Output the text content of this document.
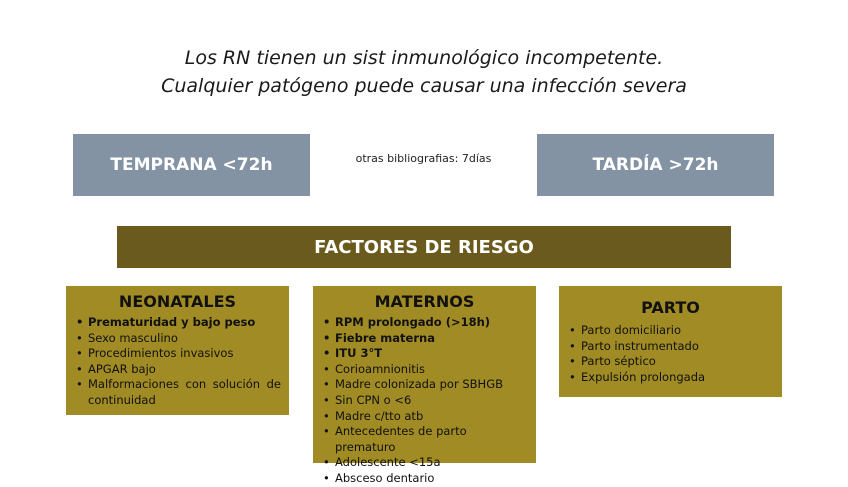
Los RN tienen un sist inmunológico incompetente.
Cualquier patógeno puede causar una infección severa
TEMPRANA <72h	otras bibliografias: 7días	TARDÍA >72h
FACTORES DE RIESGO
NEONATALES
• Prematuridad y bajo peso
• Sexo masculino
• Procedimientos invasivos
• APGAR bajo
• Malformaciones con solución de continuidad
MATERNOS
• RPM prolongado (>18h)
• Fiebre materna
• ITU 3°T
• Corioamnionitis
• Madre colonizada por SBHGB
• Sin CPN o <6
• Madre c/tto atb
• Antecedentes de parto prematuro
• Adolescente <15a
• Absceso dentario
PARTO
• Parto domiciliario
• Parto instrumentado
• Parto séptico
• Expulsión prolongada
